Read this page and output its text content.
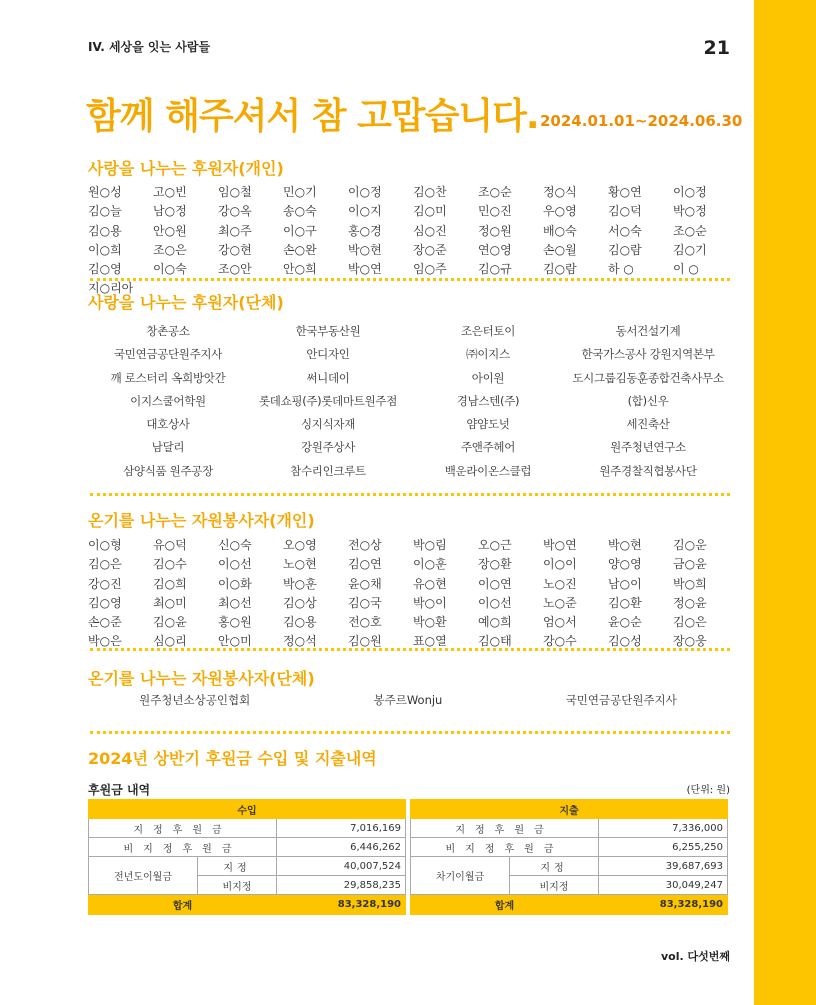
IV. 세상을 잇는 사람들	21
함께 해주셔서 참 고맙습니다. 2024.01.01~2024.06.30
사랑을 나누는 후원자(개인)
원○성	고○빈	임○철	민○기	이○정	김○찬	조○순	정○식	황○연	이○정
김○늘	남○정	강○옥	송○숙	이○지	김○미	민○진	우○영	김○덕	박○정
김○용	안○원	최○주	이○구	홍○경	심○진	정○원	배○숙	서○숙	조○순
이○희	조○은	강○현	손○완	박○현	장○준	연○영	손○월	김○람	김○기
김○영	이○숙	조○안	안○희	박○연	임○주	김○규	김○람	하 ○	이 ○
지○리아
사랑을 나누는 후원자(단체)
창촌공소	한국부동산원	조은터토이	동서건설기계
국민연금공단원주지사	안디자인	㈜이지스	한국가스공사 강원지역본부
깨 로스터리 옥희방앗간	써니데이	아이원	도시그룹김동훈종합건축사무소
이지스쿨어학원	롯데쇼핑(주)롯데마트원주점	경남스텐(주)	(합)신우
대호상사	싱지식자재	얌얌도넛	세진축산
남달리	강원주상사	주앤주헤어	원주청년연구소
삼양식품 원주공장	참수리인크루트	백운라이온스클럽	원주경찰직협봉사단
온기를 나누는 자원봉사자(개인)
이○형	유○덕	신○숙	오○영	전○상	박○림	오○근	박○연	박○현	김○운
김○은	김○수	이○선	노○현	김○연	이○훈	장○환	이○이	양○영	금○윤
강○진	김○희	이○화	박○훈	윤○채	유○현	이○연	노○진	남○이	박○희
김○영	최○미	최○선	김○상	김○국	박○이	이○선	노○준	김○환	정○윤
손○준	김○윤	홍○원	김○용	전○호	박○환	예○희	엄○서	윤○순	김○은
박○은	심○리	안○미	정○석	김○원	표○열	김○태	강○수	김○성	장○웅
온기를 나누는 자원봉사자(단체)
원주청년소상공인협회	봉주르Wonju	국민연금공단원주지사
2024년 상반기 후원금 수입 및 지출내역
후원금 내역	(단위: 원)
수입		
지정후원금		7,016,169
비지정후원금		6,446,262
전년도이월금	지정	40,007,524
	비지정	29,858,235
합계		83,328,190
지출		
지정후원금		7,336,000
비지정후원금		6,255,250
차기이월금	지정	39,687,693
	비지정	30,049,247
합계		83,328,190
vol. 다섯번째
